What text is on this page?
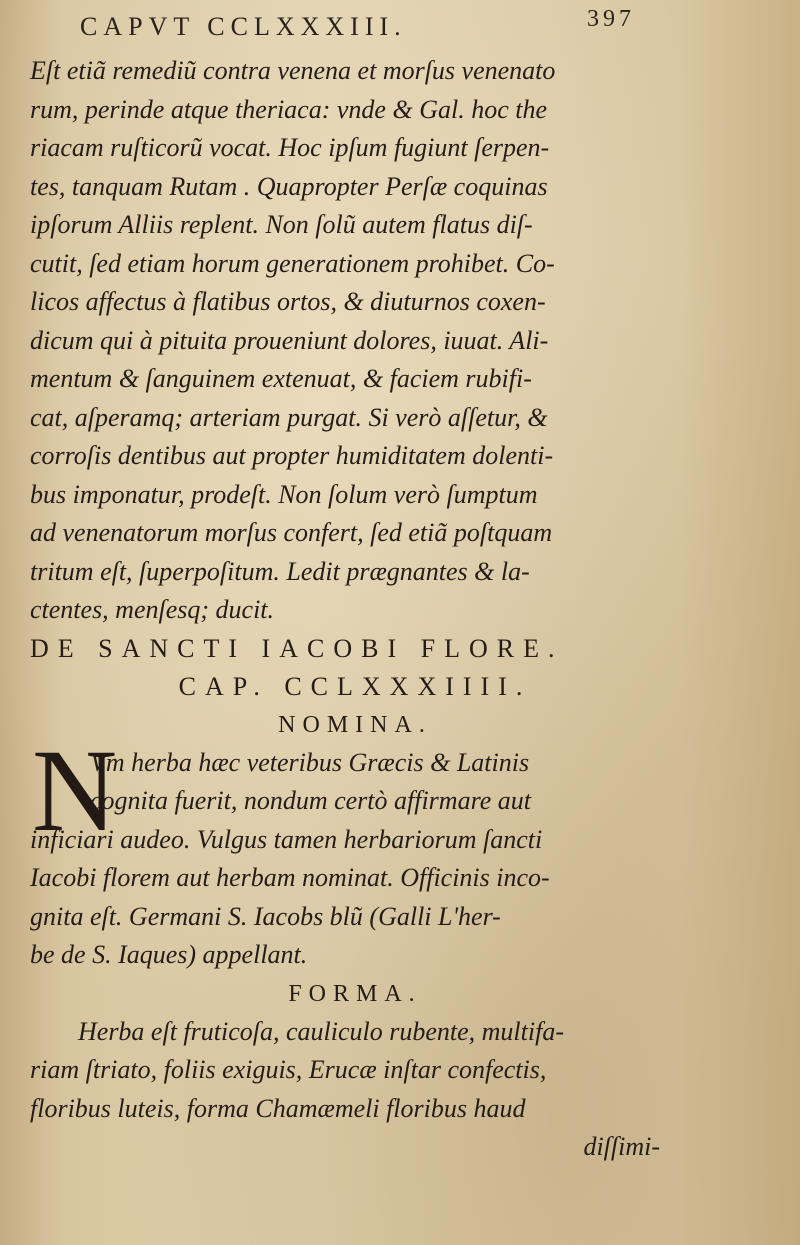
CAPVT CCLXXXIII.	397
Eſt etiã remediũ contra venena et morſus venenato
rum, perinde atque theriaca: vnde & Gal. hoc the
riacam ruſticorũ vocat. Hoc ipſum fugiunt ſerpen-
tes, tanquam Rutam . Quapropter Perſæ coquinas
ipſorum Alliis replent. Non ſolũ autem flatus diſ-
cutit, ſed etiam horum generationem prohibet. Co-
licos affectus à flatibus ortos, & diuturnos coxen-
dicum qui à pituita proueniunt dolores, iuuat. Ali-
mentum & ſanguinem extenuat, & faciem rubifi-
cat, aſperamq; arteriam purgat. Si verò aſſetur, &
corroſis dentibus aut propter humiditatem dolenti-
bus imponatur, prodeſt. Non ſolum verò ſumptum
ad venenatorum morſus confert, ſed etiã poſtquam
tritum eſt, ſuperpoſitum. Ledit prægnantes & la-
ctentes, menſesq; ducit.
DE SANCTI IACOBI FLORE.
CAP. CCLXXXIIII.
NOMINA.
N
Vm herba hæc veteribus Græcis & Latinis
cognita fuerit, nondum certò affirmare aut
inficiari audeo. Vulgus tamen herbariorum ſancti
Iacobi florem aut herbam nominat. Officinis inco-
gnita eſt. Germani S. Iacobs blũ (Galli L'her-
be de S. Iaques) appellant.
FORMA.
Herba eſt fruticoſa, cauliculo rubente, multifa-
riam ſtriato, foliis exiguis, Erucæ inſtar confectis,
floribus luteis, forma Chamæmeli floribus haud
diſſimi-
